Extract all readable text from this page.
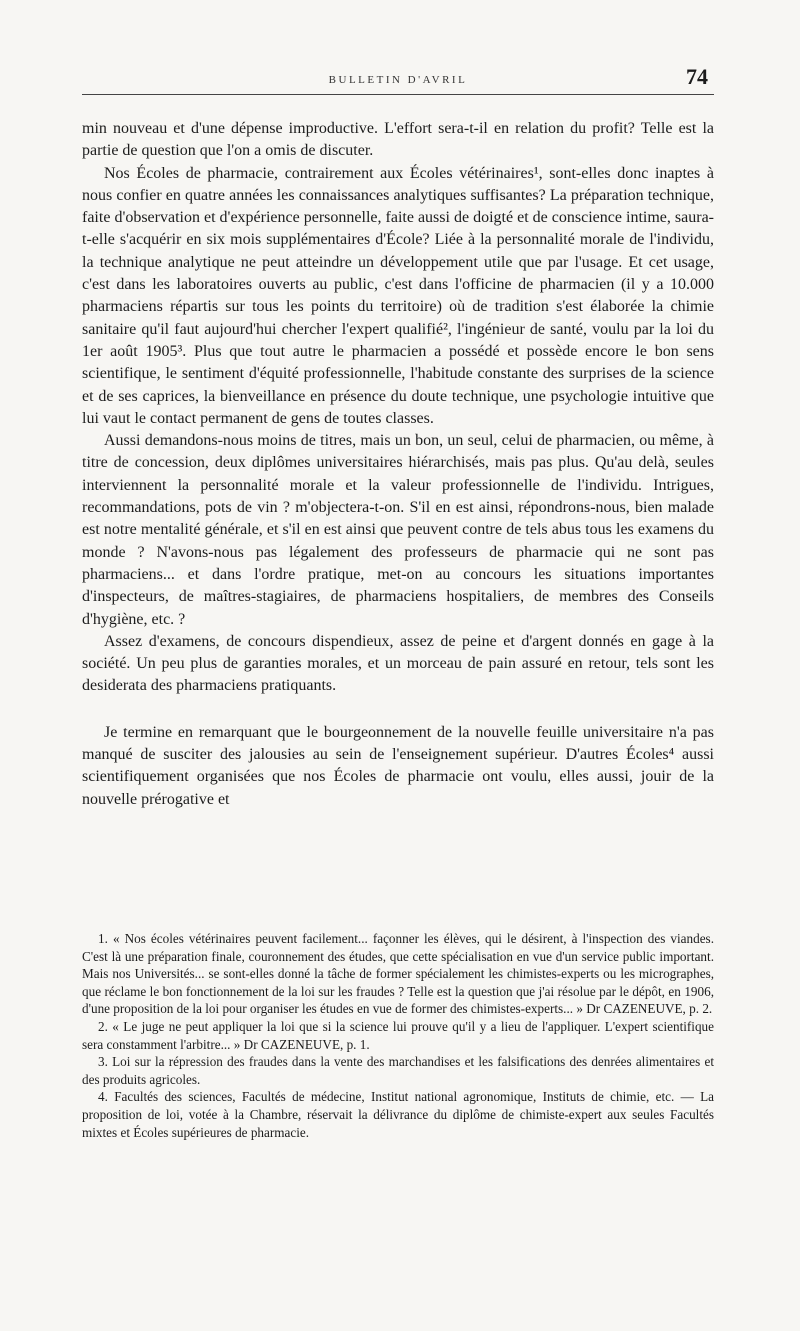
BULLETIN D'AVRIL	74

min nouveau et d'une dépense improductive. L'effort sera-t-il en relation du profit? Telle est la partie de question que l'on a omis de discuter.

Nos Écoles de pharmacie, contrairement aux Écoles vétérinaires¹, sont-elles donc inaptes à nous confier en quatre années les connaissances analytiques suffisantes? La préparation technique, faite d'observation et d'expérience personnelle, faite aussi de doigté et de conscience intime, saura-t-elle s'acquérir en six mois supplémentaires d'École? Liée à la personnalité morale de l'individu, la technique analytique ne peut atteindre un développement utile que par l'usage. Et cet usage, c'est dans les laboratoires ouverts au public, c'est dans l'officine de pharmacien (il y a 10.000 pharmaciens répartis sur tous les points du territoire) où de tradition s'est élaborée la chimie sanitaire qu'il faut aujourd'hui chercher l'expert qualifié², l'ingénieur de santé, voulu par la loi du 1er août 1905³. Plus que tout autre le pharmacien a possédé et possède encore le bon sens scientifique, le sentiment d'équité professionnelle, l'habitude constante des surprises de la science et de ses caprices, la bienveillance en présence du doute technique, une psychologie intuitive que lui vaut le contact permanent de gens de toutes classes.

Aussi demandons-nous moins de titres, mais un bon, un seul, celui de pharmacien, ou même, à titre de concession, deux diplômes universitaires hiérarchisés, mais pas plus. Qu'au delà, seules interviennent la personnalité morale et la valeur professionnelle de l'individu. Intrigues, recommandations, pots de vin ? m'objectera-t-on. S'il en est ainsi, répondrons-nous, bien malade est notre mentalité générale, et s'il en est ainsi que peuvent contre de tels abus tous les examens du monde ? N'avons-nous pas légalement des professeurs de pharmacie qui ne sont pas pharmaciens... et dans l'ordre pratique, met-on au concours les situations importantes d'inspecteurs, de maîtres-stagiaires, de pharmaciens hospitaliers, de membres des Conseils d'hygiène, etc. ?

Assez d'examens, de concours dispendieux, assez de peine et d'argent donnés en gage à la société. Un peu plus de garanties morales, et un morceau de pain assuré en retour, tels sont les desiderata des pharmaciens pratiquants.

Je termine en remarquant que le bourgeonnement de la nouvelle feuille universitaire n'a pas manqué de susciter des jalousies au sein de l'enseignement supérieur. D'autres Écoles⁴ aussi scientifiquement organisées que nos Écoles de pharmacie ont voulu, elles aussi, jouir de la nouvelle prérogative et

1. « Nos écoles vétérinaires peuvent facilement... façonner les élèves, qui le désirent, à l'inspection des viandes. C'est là une préparation finale, couronnement des études, que cette spécialisation en vue d'un service public important. Mais nos Universités... se sont-elles donné la tâche de former spécialement les chimistes-experts ou les micrographes, que réclame le bon fonctionnement de la loi sur les fraudes ? Telle est la question que j'ai résolue par le dépôt, en 1906, d'une proposition de la loi pour organiser les études en vue de former des chimistes-experts... » Dr CAZENEUVE, p. 2.

2. « Le juge ne peut appliquer la loi que si la science lui prouve qu'il y a lieu de l'appliquer. L'expert scientifique sera constamment l'arbitre... » Dr CAZENEUVE, p. 1.

3. Loi sur la répression des fraudes dans la vente des marchandises et les falsifications des denrées alimentaires et des produits agricoles.

4. Facultés des sciences, Facultés de médecine, Institut national agronomique, Instituts de chimie, etc. — La proposition de loi, votée à la Chambre, réservait la délivrance du diplôme de chimiste-expert aux seules Facultés mixtes et Écoles supérieures de pharmacie.
